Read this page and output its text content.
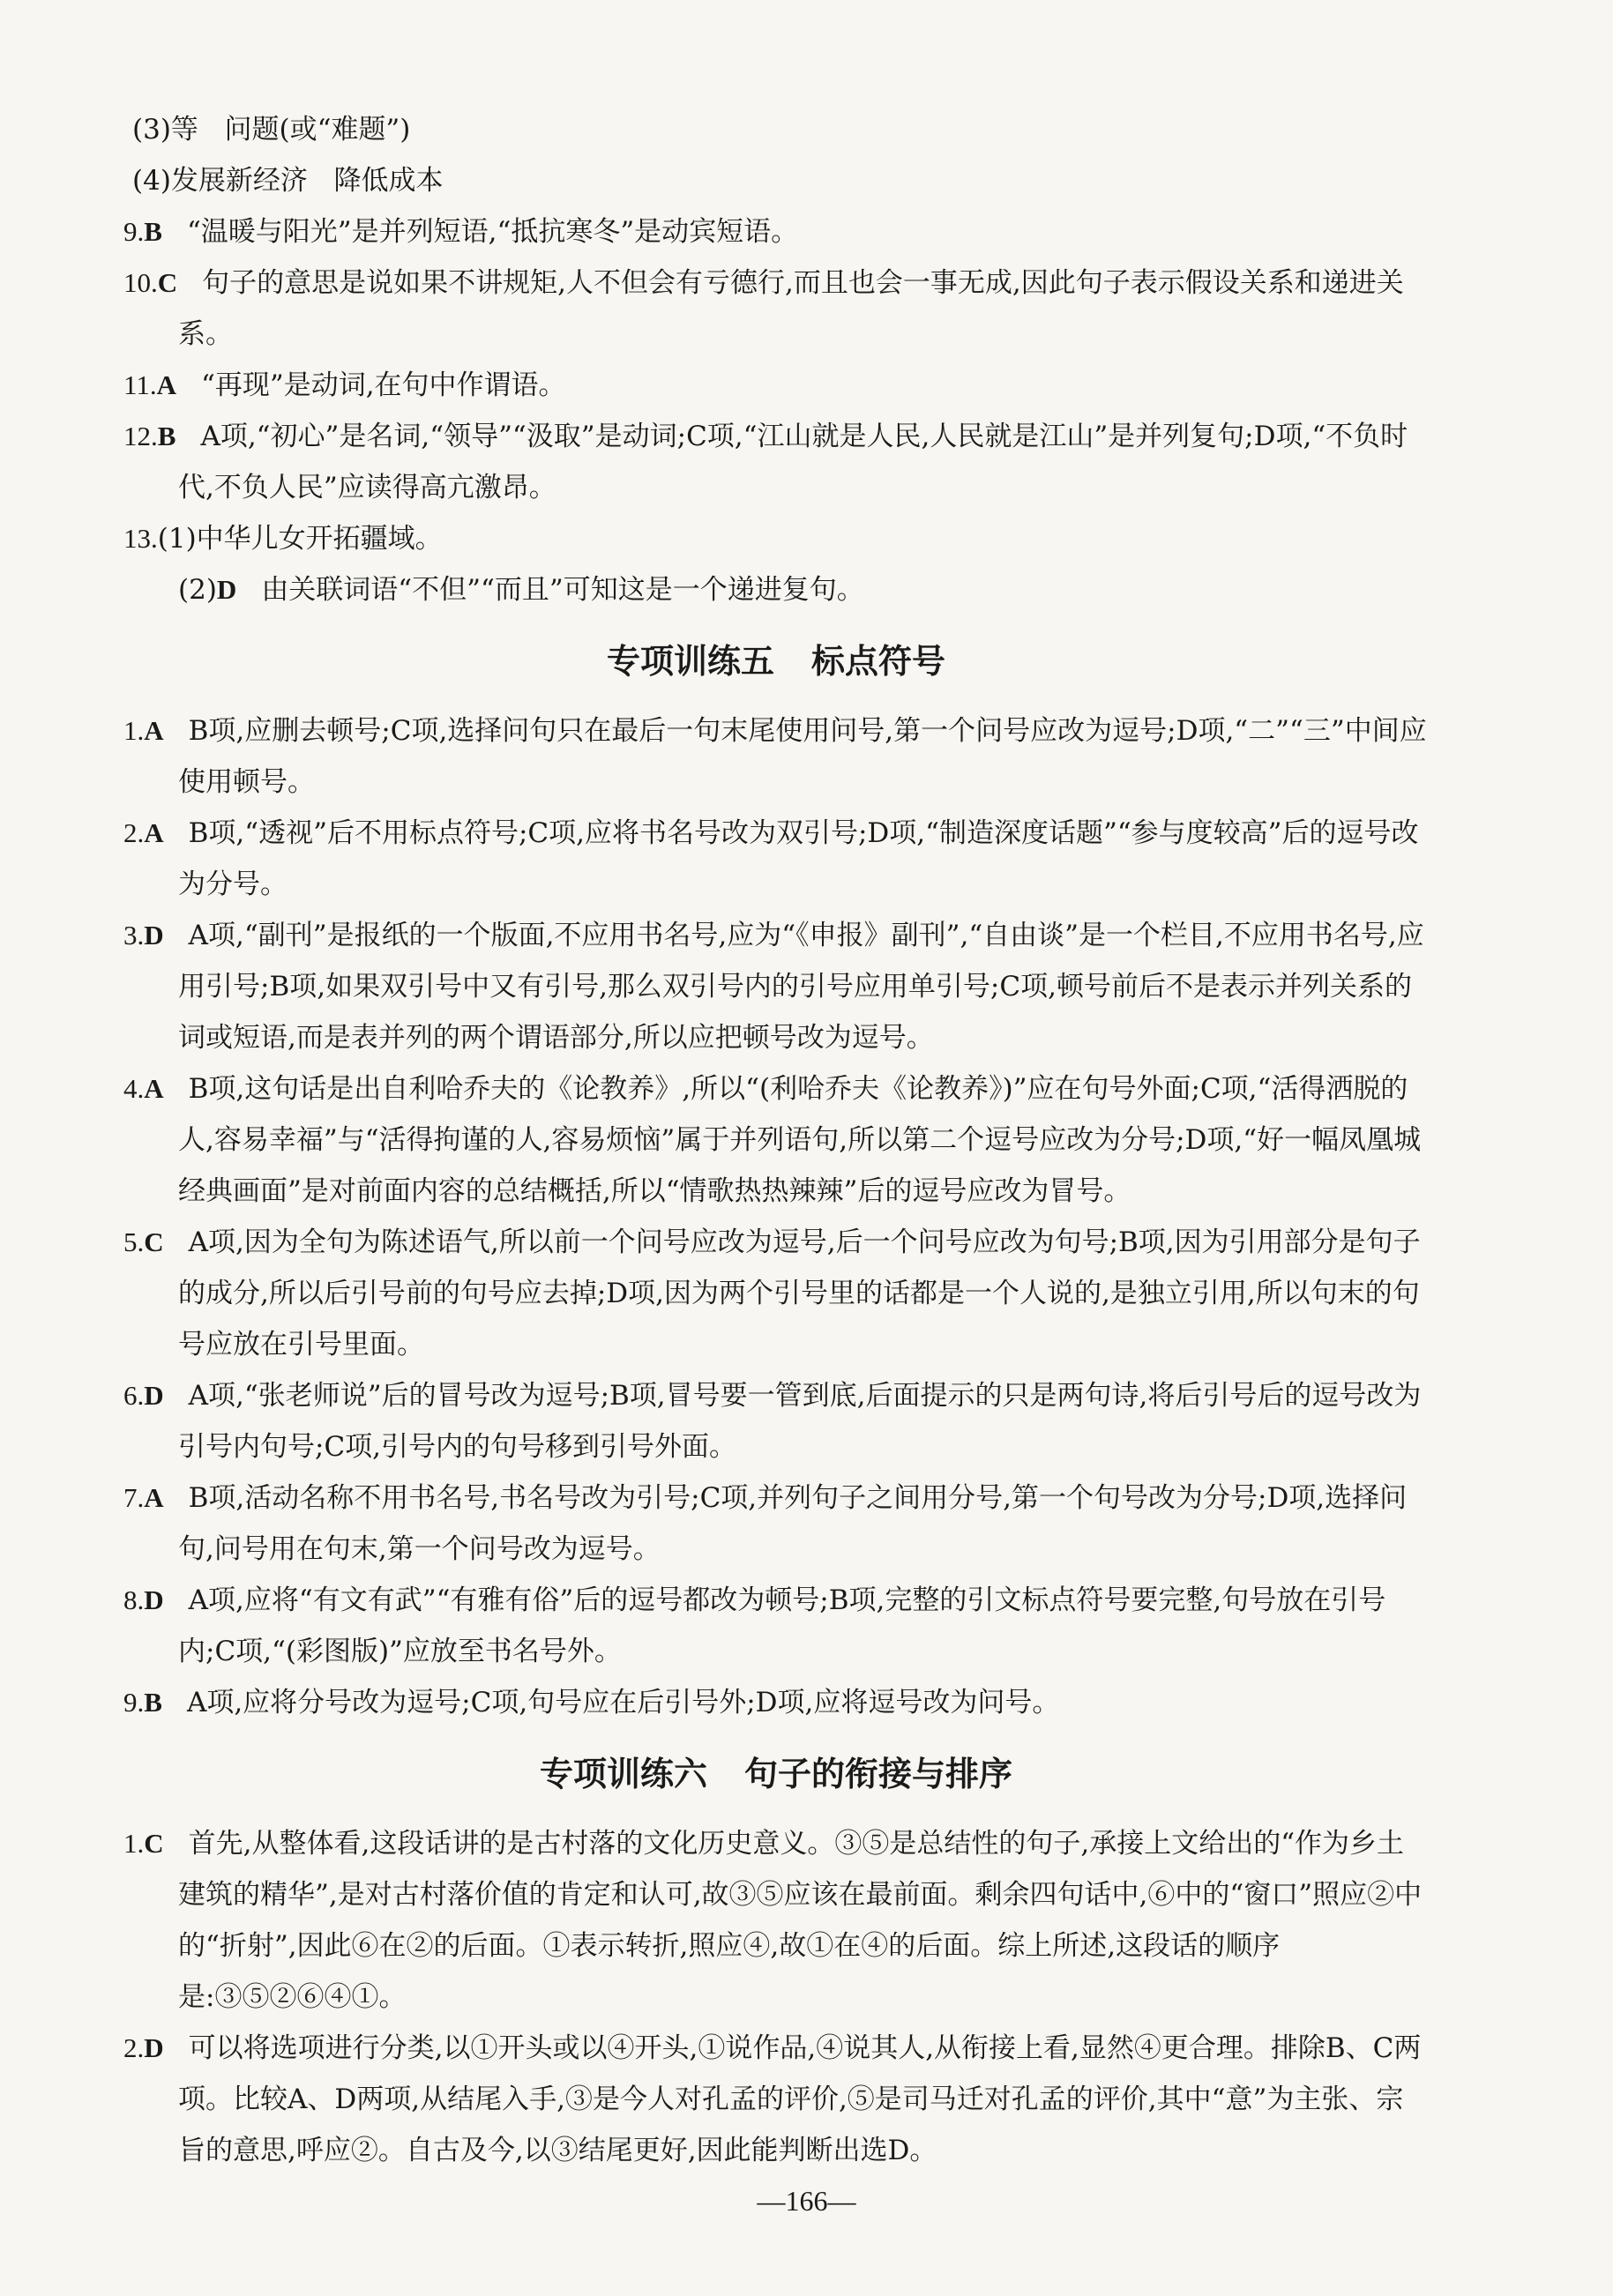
(3)等 问题(或“难题”)
(4)发展新经济 降低成本
9.B “温暖与阳光”是并列短语,“抵抗寒冬”是动宾短语。
10.C 句子的意思是说如果不讲规矩,人不但会有亏德行,而且也会一事无成,因此句子表示假设关系和递进关系。
11.A “再现”是动词,在句中作谓语。
12.B A项,“初心”是名词,“领导”“汲取”是动词;C项,“江山就是人民,人民就是江山”是并列复句;D项,“不负时代,不负人民”应读得高亢激昂。
13.(1)中华儿女开拓疆域。
(2)D 由关联词语“不但”“而且”可知这是一个递进复句。
专项训练五 标点符号
1.A B项,应删去顿号;C项,选择问句只在最后一句末尾使用问号,第一个问号应改为逗号;D项,“二”“三”中间应使用顿号。
2.A B项,“透视”后不用标点符号;C项,应将书名号改为双引号;D项,“制造深度话题”“参与度较高”后的逗号改为分号。
3.D A项,“副刊”是报纸的一个版面,不应用书名号,应为“《申报》副刊”,“自由谈”是一个栏目,不应用书名号,应用引号;B项,如果双引号中又有引号,那么双引号内的引号应用单引号;C项,顿号前后不是表示并列关系的词或短语,而是表并列的两个谓语部分,所以应把顿号改为逗号。
4.A B项,这句话是出自利哈乔夫的《论教养》,所以“(利哈乔夫《论教养》)”应在句号外面;C项,“活得洒脱的人,容易幸福”与“活得拘谨的人,容易烦恼”属于并列语句,所以第二个逗号应改为分号;D项,“好一幅凤凰城经典画面”是对前面内容的总结概括,所以“情歌热热辣辣”后的逗号应改为冒号。
5.C A项,因为全句为陈述语气,所以前一个问号应改为逗号,后一个问号应改为句号;B项,因为引用部分是句子的成分,所以后引号前的句号应去掉;D项,因为两个引号里的话都是一个人说的,是独立引用,所以句末的句号应放在引号里面。
6.D A项,“张老师说”后的冒号改为逗号;B项,冒号要一管到底,后面提示的只是两句诗,将后引号后的逗号改为引号内句号;C项,引号内的句号移到引号外面。
7.A B项,活动名称不用书名号,书名号改为引号;C项,并列句子之间用分号,第一个句号改为分号;D项,选择问句,问号用在句末,第一个问号改为逗号。
8.D A项,应将“有文有武”“有雅有俗”后的逗号都改为顿号;B项,完整的引文标点符号要完整,句号放在引号内;C项,“(彩图版)”应放至书名号外。
9.B A项,应将分号改为逗号;C项,句号应在后引号外;D项,应将逗号改为问号。
专项训练六 句子的衔接与排序
1.C 首先,从整体看,这段话讲的是古村落的文化历史意义。③⑤是总结性的句子,承接上文给出的“作为乡土建筑的精华”,是对古村落价值的肯定和认可,故③⑤应该在最前面。剩余四句话中,⑥中的“窗口”照应②中的“折射”,因此⑥在②的后面。①表示转折,照应④,故①在④的后面。综上所述,这段话的顺序是:③⑤②⑥④①。
2.D 可以将选项进行分类,以①开头或以④开头,①说作品,④说其人,从衔接上看,显然④更合理。排除B、C两项。比较A、D两项,从结尾入手,③是今人对孔孟的评价,⑤是司马迁对孔孟的评价,其中“意”为主张、宗旨的意思,呼应②。自古及今,以③结尾更好,因此能判断出选D。
—166—
